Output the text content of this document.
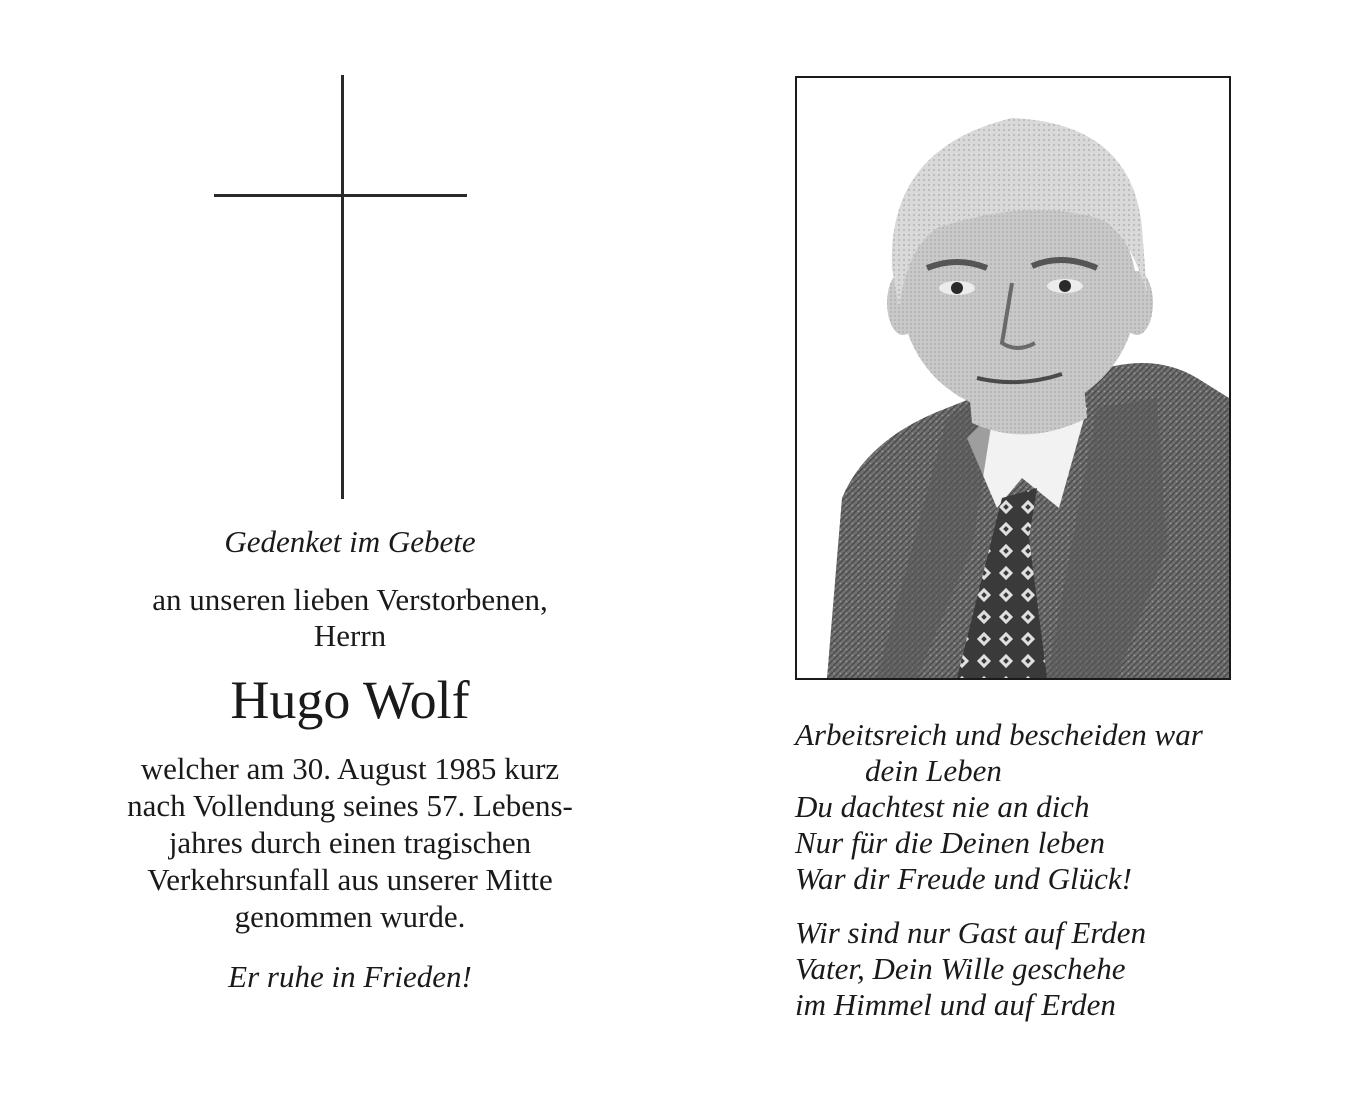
Gedenket im Gebete
an unseren lieben Verstorbenen,
Herrn
Hugo Wolf
welcher am 30. August 1985 kurz
nach Vollendung seines 57. Lebens-
jahres durch einen tragischen
Verkehrsunfall aus unserer Mitte
genommen wurde.
Er ruhe in Frieden!
Arbeitsreich und bescheiden war
dein Leben
Du dachtest nie an dich
Nur für die Deinen leben
War dir Freude und Glück!
Wir sind nur Gast auf Erden
Vater, Dein Wille geschehe
im Himmel und auf Erden
